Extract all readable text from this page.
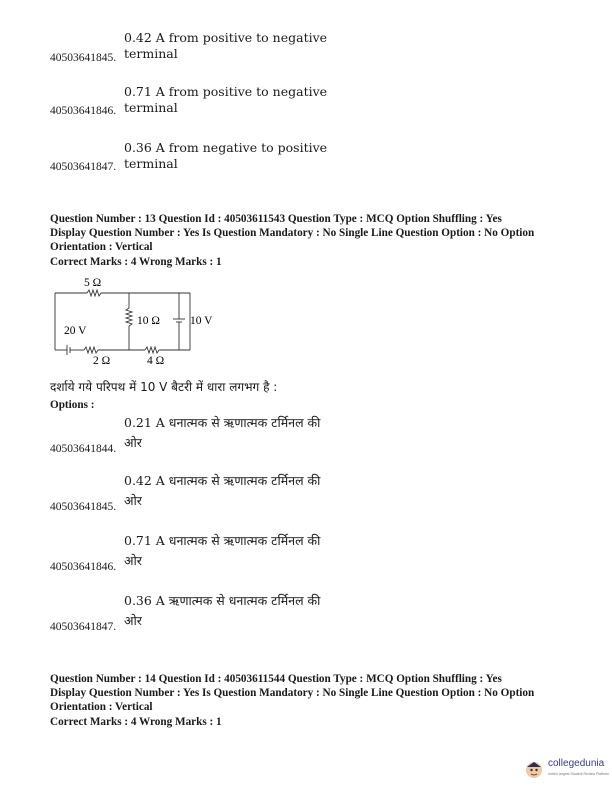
0.42 A from positive to negative
terminal
40503641845.
0.71 A from positive to negative
terminal
40503641846.
0.36 A from negative to positive
terminal
40503641847.
Question Number : 13 Question Id : 40503611543 Question Type : MCQ Option Shuffling : Yes
Display Question Number : Yes Is Question Mandatory : No Single Line Question Option : No Option
Orientation : Vertical
Correct Marks : 4 Wrong Marks : 1
5 Ω
10 Ω	10 V
20 V
2 Ω	4 Ω
दर्शाये गये परिपथ में 10 V बैटरी में धारा लगभग है :
Options :
0.21 A धनात्मक से ऋणात्मक टर्मिनल की
ओर
40503641844.
0.42 A धनात्मक से ऋणात्मक टर्मिनल की
ओर
40503641845.
0.71 A धनात्मक से ऋणात्मक टर्मिनल की
ओर
40503641846.
0.36 A ऋणात्मक से धनात्मक टर्मिनल की
ओर
40503641847.
Question Number : 14 Question Id : 40503611544 Question Type : MCQ Option Shuffling : Yes
Display Question Number : Yes Is Question Mandatory : No Single Line Question Option : No Option
Orientation : Vertical
Correct Marks : 4 Wrong Marks : 1
collegedunia
India's largest Student Review Platform
